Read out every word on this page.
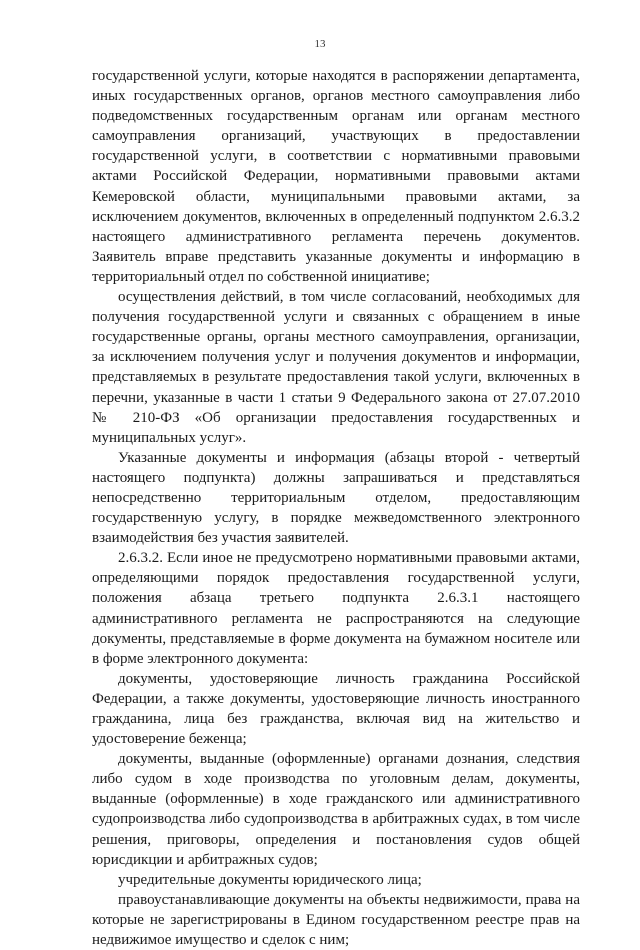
13

государственной услуги, которые находятся в распоряжении департамента, иных государственных органов, органов местного самоуправления либо подведомственных государственным органам или органам местного самоуправления организаций, участвующих в предоставлении государственной услуги, в соответствии с нормативными правовыми актами Российской Федерации, нормативными правовыми актами Кемеровской области, муниципальными правовыми актами, за исключением документов, включенных в определенный подпунктом 2.6.3.2 настоящего административного регламента перечень документов. Заявитель вправе представить указанные документы и информацию в территориальный отдел по собственной инициативе;

осуществления действий, в том числе согласований, необходимых для получения государственной услуги и связанных с обращением в иные государственные органы, органы местного самоуправления, организации, за исключением получения услуг и получения документов и информации, представляемых в результате предоставления такой услуги, включенных в перечни, указанные в части 1 статьи 9 Федерального закона от 27.07.2010 № 210-ФЗ «Об организации предоставления государственных и муниципальных услуг».

Указанные документы и информация (абзацы второй - четвертый настоящего подпункта) должны запрашиваться и представляться непосредственно территориальным отделом, предоставляющим государственную услугу, в порядке межведомственного электронного взаимодействия без участия заявителей.

2.6.3.2. Если иное не предусмотрено нормативными правовыми актами, определяющими порядок предоставления государственной услуги, положения абзаца третьего подпункта 2.6.3.1 настоящего административного регламента не распространяются на следующие документы, представляемые в форме документа на бумажном носителе или в форме электронного документа:

документы, удостоверяющие личность гражданина Российской Федерации, а также документы, удостоверяющие личность иностранного гражданина, лица без гражданства, включая вид на жительство и удостоверение беженца;

документы, выданные (оформленные) органами дознания, следствия либо судом в ходе производства по уголовным делам, документы, выданные (оформленные) в ходе гражданского или административного судопроизводства либо судопроизводства в арбитражных судах, в том числе решения, приговоры, определения и постановления судов общей юрисдикции и арбитражных судов;

учредительные документы юридического лица;

правоустанавливающие документы на объекты недвижимости, права на которые не зарегистрированы в Едином государственном реестре прав на недвижимое имущество и сделок с ним;
